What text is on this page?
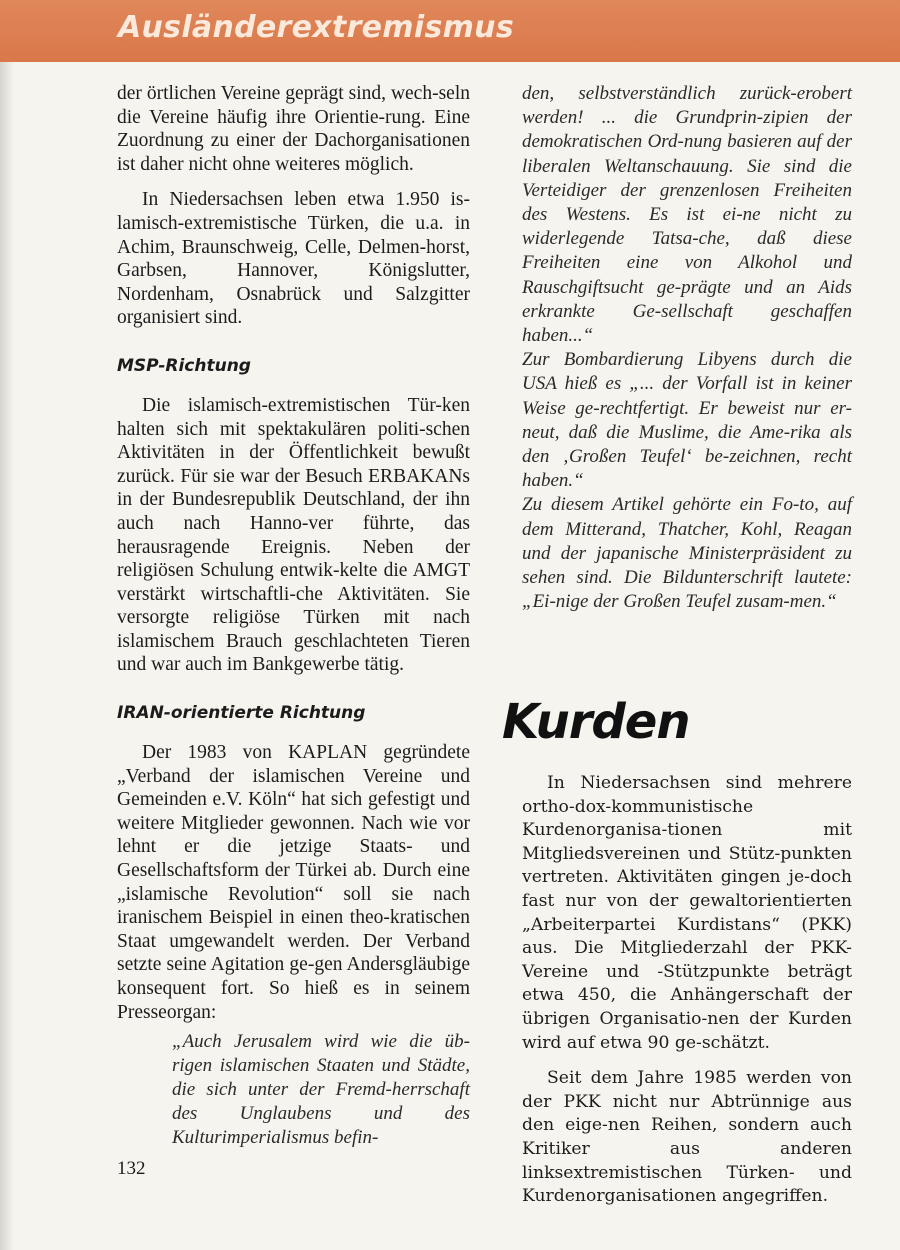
Ausländerextremismus

der örtlichen Vereine geprägt sind, wech-seln die Vereine häufig ihre Orientie-rung. Eine Zuordnung zu einer der Dachorganisationen ist daher nicht ohne weiteres möglich.

In Niedersachsen leben etwa 1.950 is-lamisch-extremistische Türken, die u.a. in Achim, Braunschweig, Celle, Delmen-horst, Garbsen, Hannover, Königslutter, Nordenham, Osnabrück und Salzgitter organisiert sind.

MSP-Richtung

Die islamisch-extremistischen Tür-ken halten sich mit spektakulären politi-schen Aktivitäten in der Öffentlichkeit bewußt zurück. Für sie war der Besuch ERBAKANs in der Bundesrepublik Deutschland, der ihn auch nach Hanno-ver führte, das herausragende Ereignis. Neben der religiösen Schulung entwik-kelte die AMGT verstärkt wirtschaftli-che Aktivitäten. Sie versorgte religiöse Türken mit nach islamischem Brauch geschlachteten Tieren und war auch im Bankgewerbe tätig.

IRAN-orientierte Richtung

Der 1983 von KAPLAN gegründete „Verband der islamischen Vereine und Gemeinden e.V. Köln“ hat sich gefestigt und weitere Mitglieder gewonnen. Nach wie vor lehnt er die jetzige Staats- und Gesellschaftsform der Türkei ab. Durch eine „islamische Revolution“ soll sie nach iranischem Beispiel in einen theo-kratischen Staat umgewandelt werden. Der Verband setzte seine Agitation ge-gen Andersgläubige konsequent fort. So hieß es in seinem Presseorgan:

„Auch Jerusalem wird wie die üb-rigen islamischen Staaten und Städte, die sich unter der Fremd-herrschaft des Unglaubens und des Kulturimperialismus befin-

den, selbstverständlich zurück-erobert werden! ... die Grundprin-zipien der demokratischen Ord-nung basieren auf der liberalen Weltanschauung. Sie sind die Verteidiger der grenzenlosen Freiheiten des Westens. Es ist ei-ne nicht zu widerlegende Tatsa-che, daß diese Freiheiten eine von Alkohol und Rauschgiftsucht ge-prägte und an Aids erkrankte Ge-sellschaft geschaffen haben...“

Zur Bombardierung Libyens durch die USA hieß es „... der Vorfall ist in keiner Weise ge-rechtfertigt. Er beweist nur er-neut, daß die Muslime, die Ame-rika als den ‚Großen Teufel‘ be-zeichnen, recht haben.“

Zu diesem Artikel gehörte ein Fo-to, auf dem Mitterand, Thatcher, Kohl, Reagan und der japanische Ministerpräsident zu sehen sind. Die Bildunterschrift lautete: „Ei-nige der Großen Teufel zusam-men.“

Kurden

In Niedersachsen sind mehrere ortho-dox-kommunistische Kurdenorganisa-tionen mit Mitgliedsvereinen und Stütz-punkten vertreten. Aktivitäten gingen je-doch fast nur von der gewaltorientierten „Arbeiterpartei Kurdistans“ (PKK) aus. Die Mitgliederzahl der PKK-Vereine und -Stützpunkte beträgt etwa 450, die Anhängerschaft der übrigen Organisatio-nen der Kurden wird auf etwa 90 ge-schätzt.

Seit dem Jahre 1985 werden von der PKK nicht nur Abtrünnige aus den eige-nen Reihen, sondern auch Kritiker aus anderen linksextremistischen Türken- und Kurdenorganisationen angegriffen.

132
